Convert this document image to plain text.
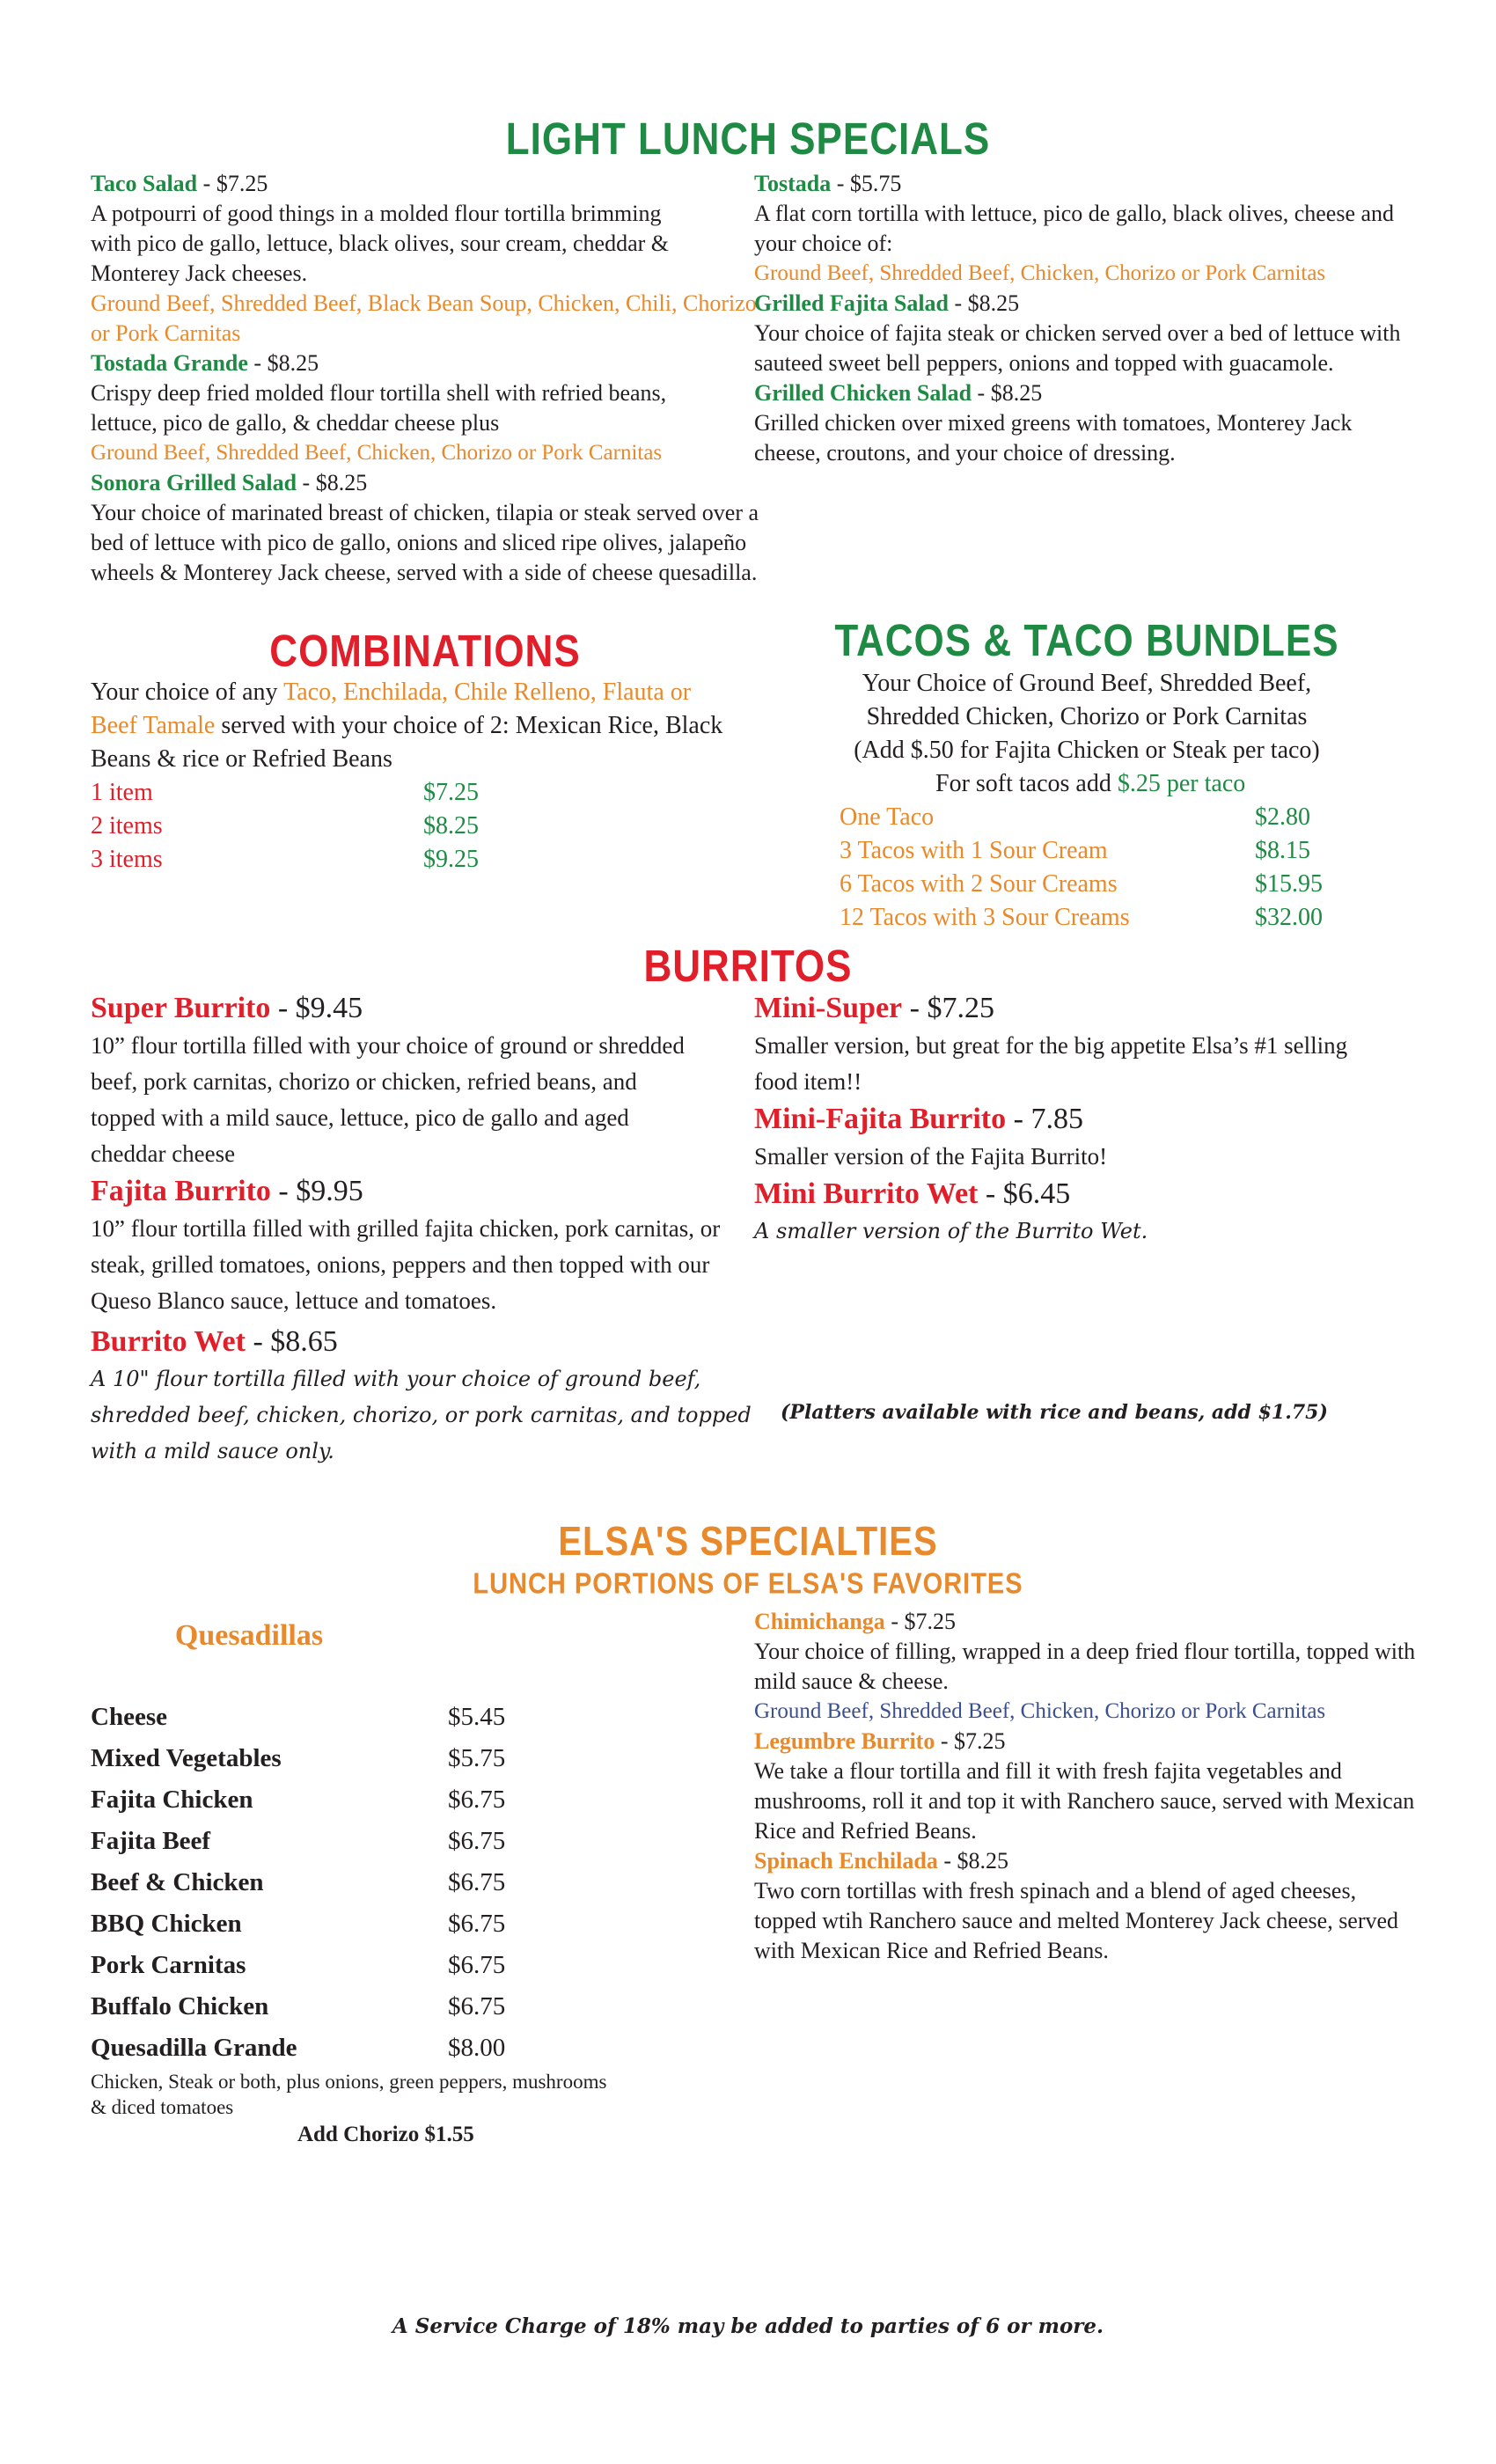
LIGHT LUNCH SPECIALS
Taco Salad - $7.25
A potpourri of good things in a molded flour tortilla brimming with pico de gallo, lettuce, black olives, sour cream, cheddar & Monterey Jack cheeses.
Ground Beef, Shredded Beef, Black Bean Soup, Chicken, Chili, Chorizo or Pork Carnitas
Tostada Grande - $8.25
Crispy deep fried molded flour tortilla shell with refried beans, lettuce, pico de gallo, & cheddar cheese plus
Ground Beef, Shredded Beef, Chicken, Chorizo or Pork Carnitas
Sonora Grilled Salad - $8.25
Your choice of marinated breast of chicken, tilapia or steak served over a bed of lettuce with pico de gallo, onions and sliced ripe olives, jalapeño wheels & Monterey Jack cheese, served with a side of cheese quesadilla.
Tostada - $5.75
A flat corn tortilla with lettuce, pico de gallo, black olives, cheese and your choice of:
Ground Beef, Shredded Beef, Chicken, Chorizo or Pork Carnitas
Grilled Fajita Salad - $8.25
Your choice of fajita steak or chicken served over a bed of lettuce with sauteed sweet bell peppers, onions and topped with guacamole.
Grilled Chicken Salad - $8.25
Grilled chicken over mixed greens with tomatoes, Monterey Jack cheese, croutons, and your choice of dressing.
COMBINATIONS
Your choice of any Taco, Enchilada, Chile Relleno, Flauta or Beef Tamale served with your choice of 2: Mexican Rice, Black Beans & rice or Refried Beans
1 item	$7.25
2 items	$8.25
3 items	$9.25
TACOS & TACO BUNDLES
Your Choice of Ground Beef, Shredded Beef,
Shredded Chicken, Chorizo or Pork Carnitas
(Add $.50 for Fajita Chicken or Steak per taco)
For soft tacos add $.25 per taco
One Taco	$2.80
3 Tacos with 1 Sour Cream	$8.15
6 Tacos with 2 Sour Creams	$15.95
12 Tacos with 3 Sour Creams	$32.00
BURRITOS
Super Burrito - $9.45
10” flour tortilla filled with your choice of ground or shredded beef, pork carnitas, chorizo or chicken, refried beans, and topped with a mild sauce, lettuce, pico de gallo and aged cheddar cheese
Fajita Burrito - $9.95
10” flour tortilla filled with grilled fajita chicken, pork carnitas, or steak, grilled tomatoes, onions, peppers and then topped with our Queso Blanco sauce, lettuce and tomatoes.
Burrito Wet - $8.65
A 10" flour tortilla filled with your choice of ground beef, shredded beef, chicken, chorizo, or pork carnitas, and topped with a mild sauce only.
Mini-Super - $7.25
Smaller version, but great for the big appetite Elsa’s #1 selling food item!!
Mini-Fajita Burrito - 7.85
Smaller version of the Fajita Burrito!
Mini Burrito Wet - $6.45
A smaller version of the Burrito Wet.
(Platters available with rice and beans, add $1.75)
ELSA'S SPECIALTIES
LUNCH PORTIONS OF ELSA'S FAVORITES
Quesadillas
Cheese	$5.45
Mixed Vegetables	$5.75
Fajita Chicken	$6.75
Fajita Beef	$6.75
Beef & Chicken	$6.75
BBQ Chicken	$6.75
Pork Carnitas	$6.75
Buffalo Chicken	$6.75
Quesadilla Grande	$8.00
Chicken, Steak or both, plus onions, green peppers, mushrooms & diced tomatoes
Add Chorizo $1.55
Chimichanga - $7.25
Your choice of filling, wrapped in a deep fried flour tortilla, topped with mild sauce & cheese.
Ground Beef, Shredded Beef, Chicken, Chorizo or Pork Carnitas
Legumbre Burrito - $7.25
We take a flour tortilla and fill it with fresh fajita vegetables and mushrooms, roll it and top it with Ranchero sauce, served with Mexican Rice and Refried Beans.
Spinach Enchilada - $8.25
Two corn tortillas with fresh spinach and a blend of aged cheeses, topped wtih Ranchero sauce and melted Monterey Jack cheese, served with Mexican Rice and Refried Beans.
A Service Charge of 18% may be added to parties of 6 or more.
